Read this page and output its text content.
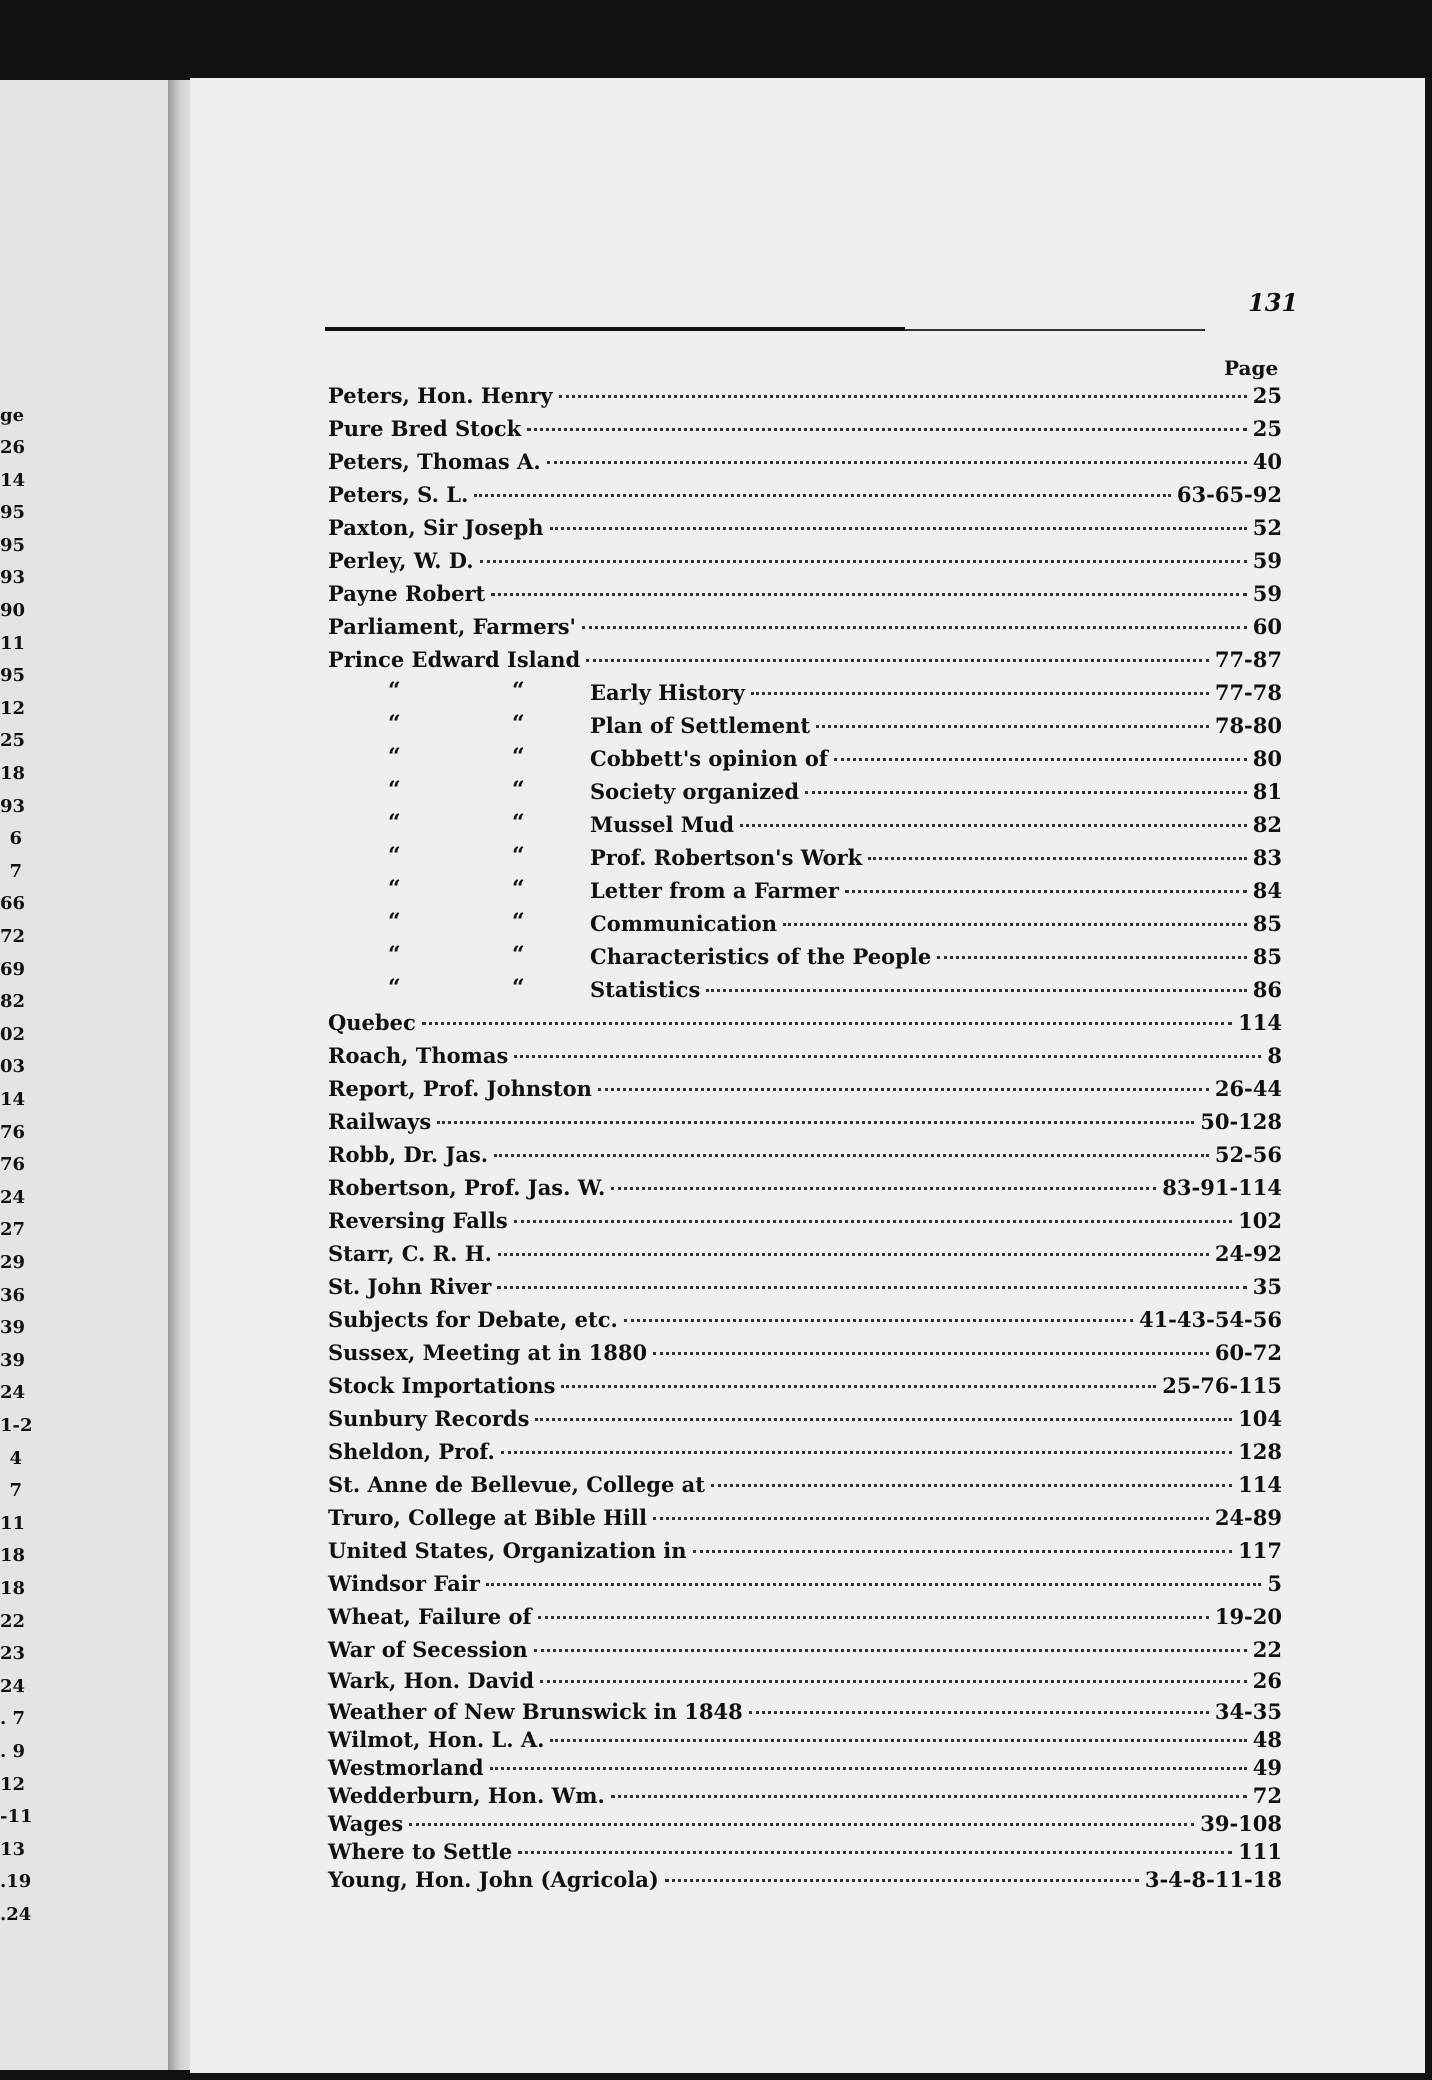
ge
26
14
95
95
93
90
11
95
12
25
18
93
6
7
66
72
69
82
02
03
14
76
76
24
27
29
36
39
39
24
1-2
4
7
11
18
18
22
23
24
. 7
. 9
12
-11
13
.19
.24
131
Page
Peters, Hon. Henry	25
Pure Bred Stock	25
Peters, Thomas A.	40
Peters, S. L.	63-65-92
Paxton, Sir Joseph	52
Perley, W. D.	59
Payne Robert	59
Parliament, Farmers'	60
Prince Edward Island	77-87
“	“	Early History	77-78
“	“	Plan of Settlement	78-80
“	“	Cobbett's opinion of	80
“	“	Society organized	81
“	“	Mussel Mud	82
“	“	Prof. Robertson's Work	83
“	“	Letter from a Farmer	84
“	“	Communication	85
“	“	Characteristics of the People	85
“	“	Statistics	86
Quebec	114
Roach, Thomas	8
Report, Prof. Johnston	26-44
Railways	50-128
Robb, Dr. Jas.	52-56
Robertson, Prof. Jas. W.	83-91-114
Reversing Falls	102
Starr, C. R. H.	24-92
St. John River	35
Subjects for Debate, etc.	41-43-54-56
Sussex, Meeting at in 1880	60-72
Stock Importations	25-76-115
Sunbury Records	104
Sheldon, Prof.	128
St. Anne de Bellevue, College at	114
Truro, College at Bible Hill	24-89
United States, Organization in	117
Windsor Fair	5
Wheat, Failure of	19-20
War of Secession	22
Wark, Hon. David	26
Weather of New Brunswick in 1848	34-35
Wilmot, Hon. L. A.	48
Westmorland	49
Wedderburn, Hon. Wm.	72
Wages	39-108
Where to Settle	111
Young, Hon. John (Agricola)	3-4-8-11-18
